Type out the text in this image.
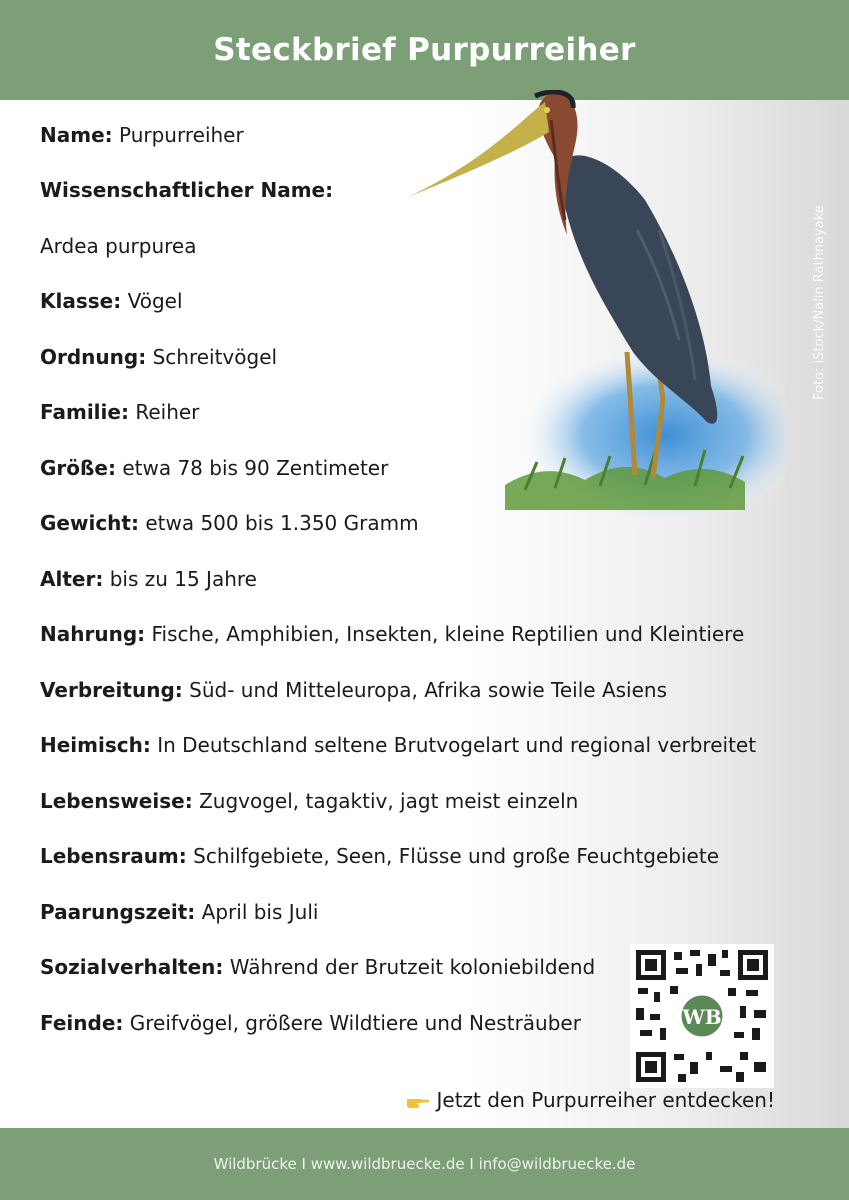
Steckbrief Purpurreiher
Name: Purpurreiher
Wissenschaftlicher Name:
Ardea purpurea
Klasse: Vögel
Ordnung: Schreitvögel
Familie: Reiher
Größe: etwa 78 bis 90 Zentimeter
Gewicht: etwa 500 bis 1.350 Gramm
Alter: bis zu 15 Jahre
Nahrung: Fische, Amphibien, Insekten, kleine Reptilien und Kleintiere
Verbreitung: Süd- und Mitteleuropa, Afrika sowie Teile Asiens
Heimisch: In Deutschland seltene Brutvogelart und regional verbreitet
Lebensweise: Zugvogel, tagaktiv, jagt meist einzeln
Lebensraum: Schilfgebiete, Seen, Flüsse und große Feuchtgebiete
Paarungszeit: April bis Juli
Sozialverhalten: Während der Brutzeit koloniebildend
Feinde: Greifvögel, größere Wildtiere und Nesträuber
Foto: iStock/Nalin Rathnayake
WB
Jetzt den Purpurreiher entdecken!
Wildbrücke I www.wildbruecke.de I info@wildbruecke.de
